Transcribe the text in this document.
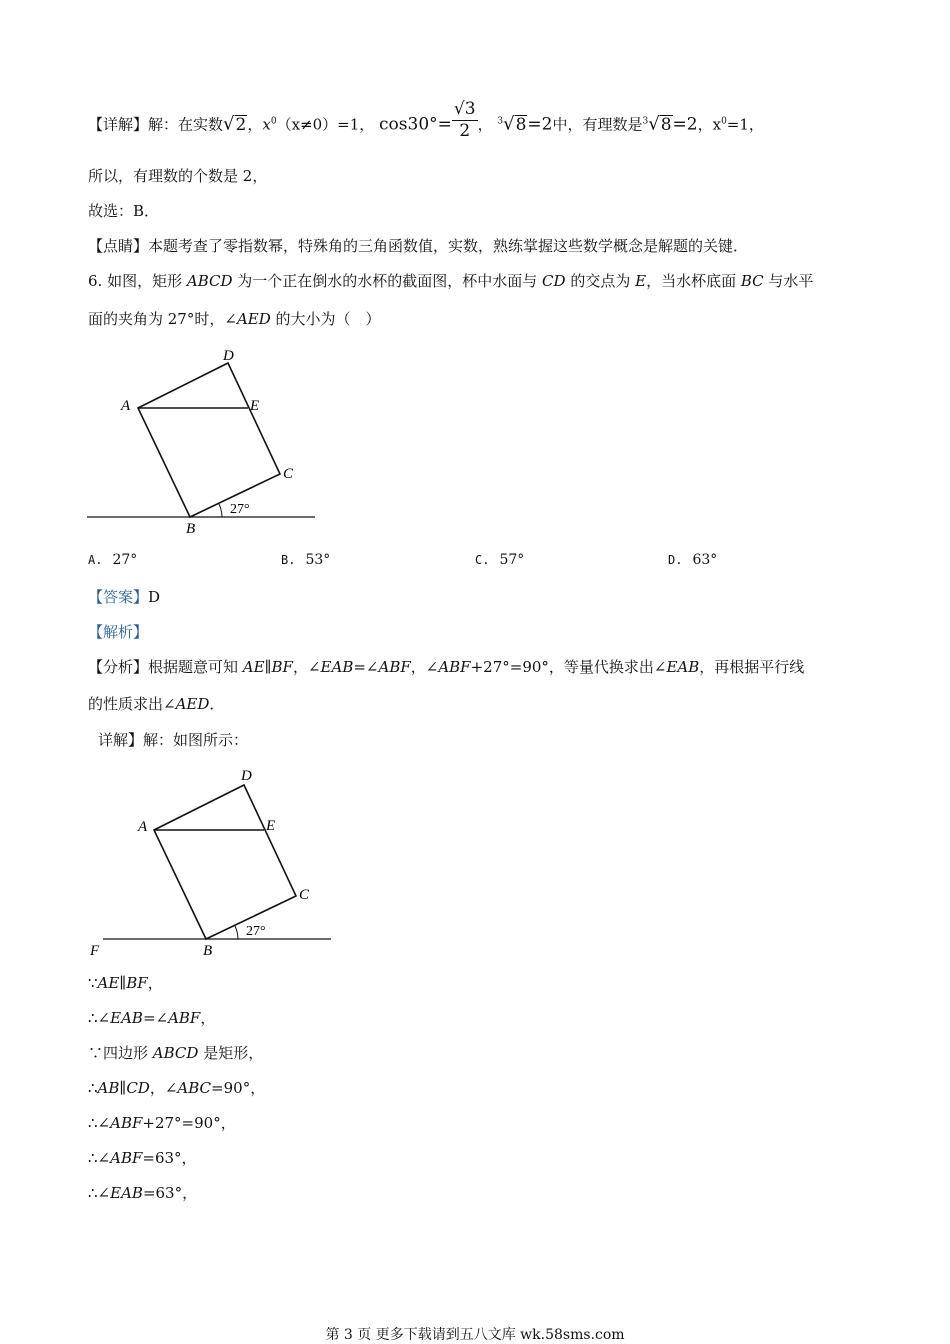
【详解】解：在实数√2，$x^0(x\ne 0)=1$， $\cos 30^\circ= \frac{√3}{2}$ ， $^3$√8=2中，有理数是$^3$√8=2，$x^0=1$，
所以，有理数的个数是 2，
故选：B．
【点睛】本题考查了零指数幂，特殊角的三角函数值，实数，熟练掌握这些数学概念是解题的关键．
6. 如图，矩形 ABCD 为一个正在倒水的水杯的截面图，杯中水面与 CD 的交点为 E，当水杯底面 BC 与水平
面的夹角为 27°时，∠AED 的大小为（　）
D
A	E
C
B
27°
A. 27°	B. 53°	C. 57°	D. 63°
【答案】D
【解析】
【分析】根据题意可知 AE∥BF，∠EAB=∠ABF，∠ABF+27°=90°，等量代换求出∠EAB，再根据平行线
的性质求出∠AED．
详解】解：如图所示：
D
A	E
C
F	B
27°
∵AE∥BF，
∴∠EAB=∠ABF，
∵四边形 ABCD 是矩形，
∴AB∥CD，∠ABC=90°，
∴∠ABF+27°=90°，
∴∠ABF=63°，
∴∠EAB=63°，
第 3 页 更多下载请到五八文库 wk.58sms.com
